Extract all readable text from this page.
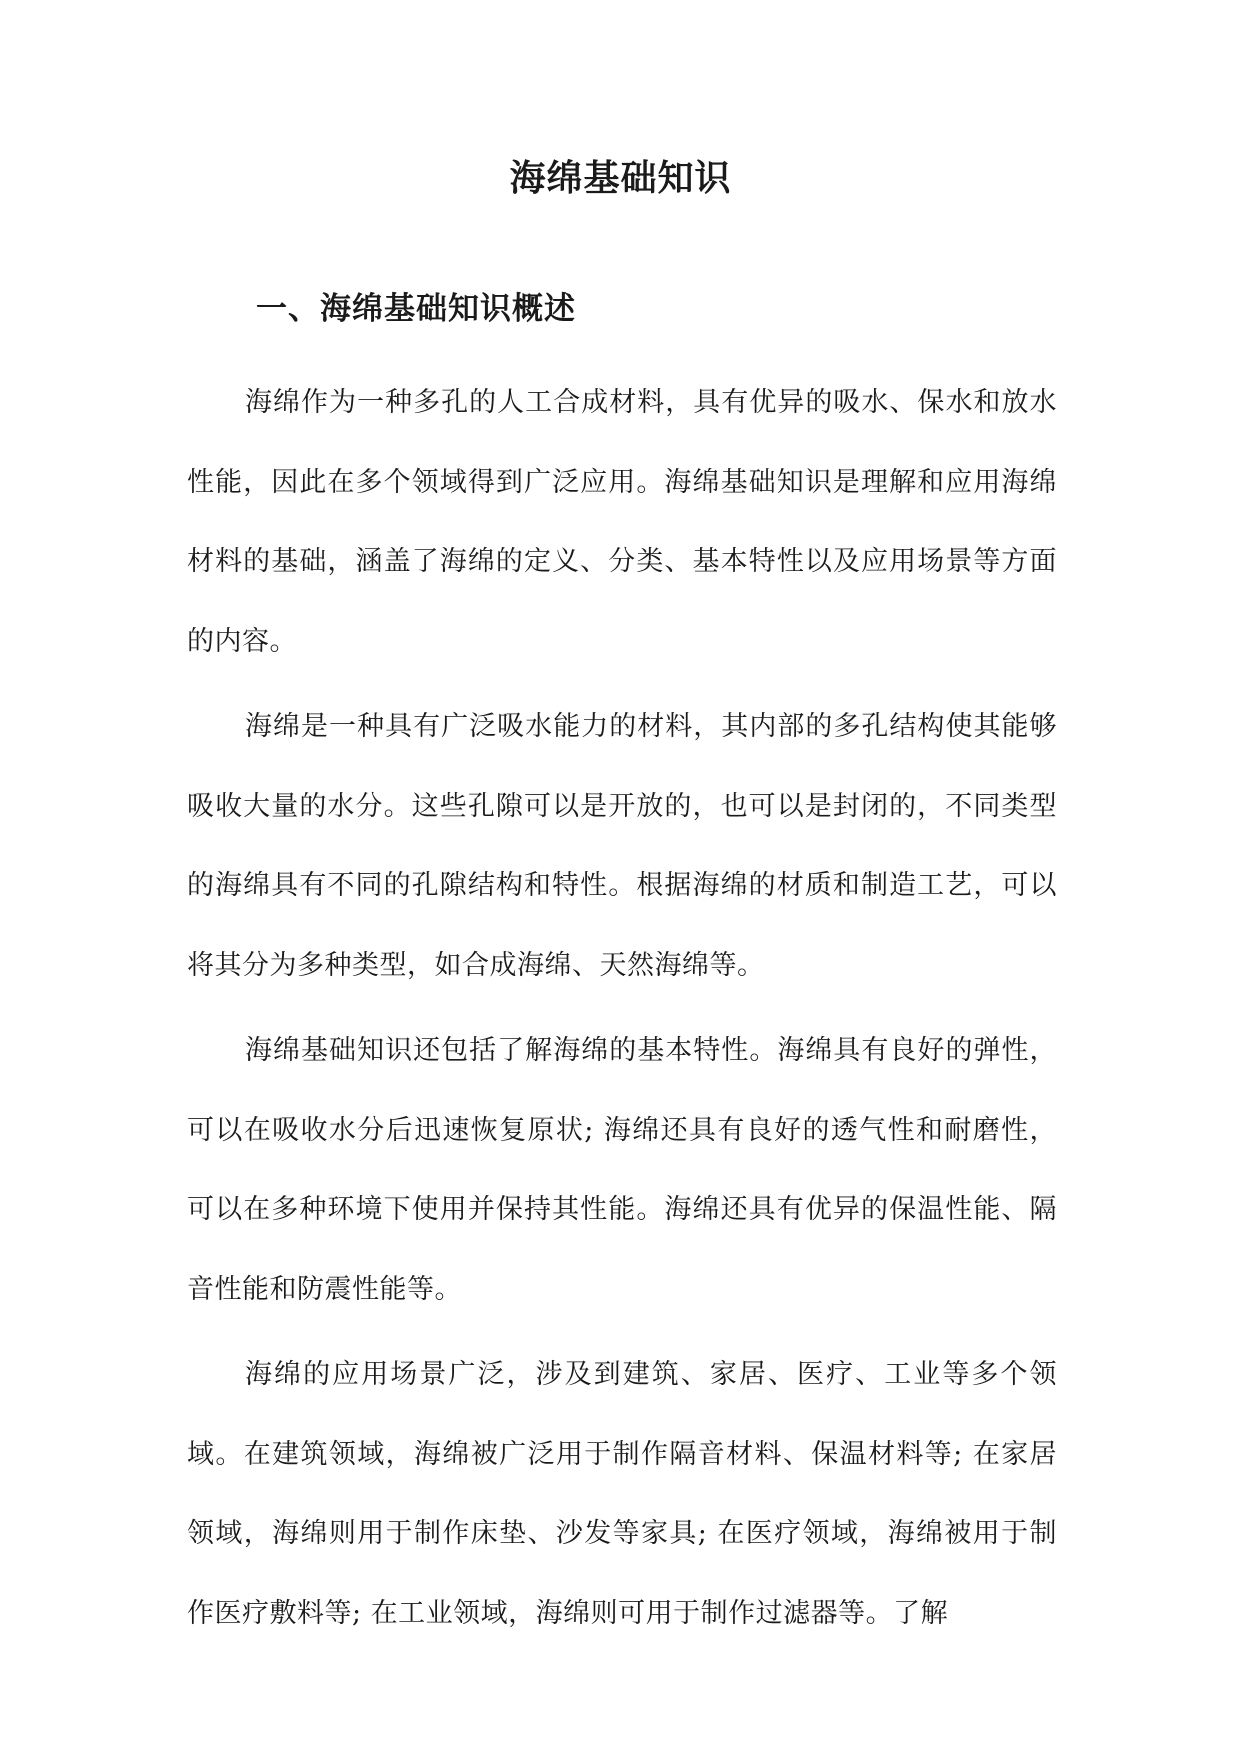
海绵基础知识
一、海绵基础知识概述

海绵作为一种多孔的人工合成材料，具有优异的吸水、保水和放水性能，因此在多个领域得到广泛应用。海绵基础知识是理解和应用海绵材料的基础，涵盖了海绵的定义、分类、基本特性以及应用场景等方面的内容。

海绵是一种具有广泛吸水能力的材料，其内部的多孔结构使其能够吸收大量的水分。这些孔隙可以是开放的，也可以是封闭的，不同类型的海绵具有不同的孔隙结构和特性。根据海绵的材质和制造工艺，可以将其分为多种类型，如合成海绵、天然海绵等。

海绵基础知识还包括了解海绵的基本特性。海绵具有良好的弹性，可以在吸收水分后迅速恢复原状; 海绵还具有良好的透气性和耐磨性，可以在多种环境下使用并保持其性能。海绵还具有优异的保温性能、隔音性能和防震性能等。

海绵的应用场景广泛，涉及到建筑、家居、医疗、工业等多个领域。在建筑领域，海绵被广泛用于制作隔音材料、保温材料等; 在家居领域，海绵则用于制作床垫、沙发等家具; 在医疗领域，海绵被用于制作医疗敷料等; 在工业领域，海绵则可用于制作过滤器等。了解
